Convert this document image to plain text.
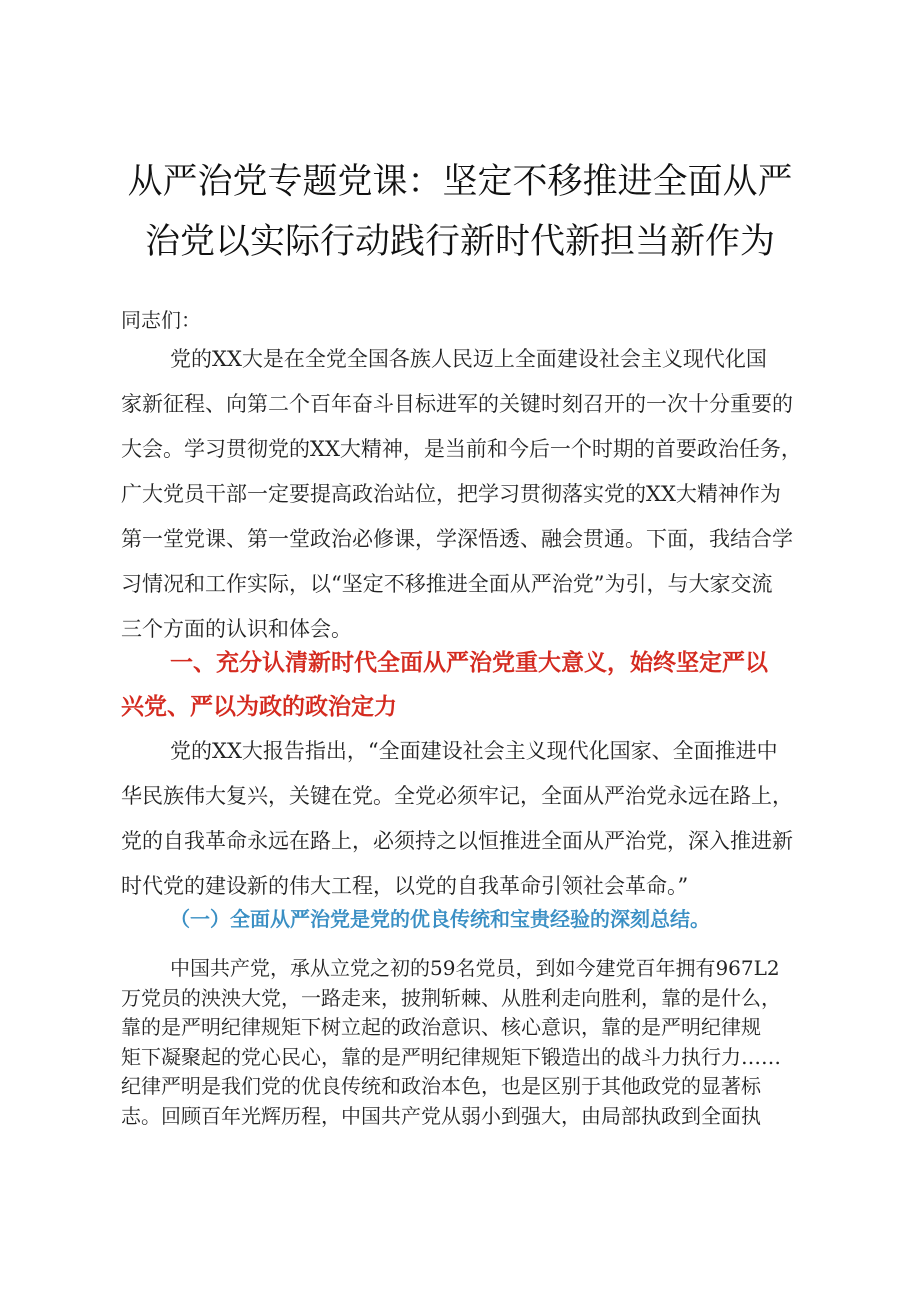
从严治党专题党课：坚定不移推进全面从严
治党以实际行动践行新时代新担当新作为

同志们：

党的XX大是在全党全国各族人民迈上全面建设社会主义现代化国
家新征程、向第二个百年奋斗目标进军的关键时刻召开的一次十分重要的
大会。学习贯彻党的XX大精神，是当前和今后一个时期的首要政治任务，
广大党员干部一定要提高政治站位，把学习贯彻落实党的XX大精神作为
第一堂党课、第一堂政治必修课，学深悟透、融会贯通。下面，我结合学
习情况和工作实际，以“坚定不移推进全面从严治党”为引，与大家交流
三个方面的认识和体会。
一、充分认清新时代全面从严治党重大意义，始终坚定严以
兴党、严以为政的政治定力
党的XX大报告指出，“全面建设社会主义现代化国家、全面推进中
华民族伟大复兴，关键在党。全党必须牢记，全面从严治党永远在路上，
党的自我革命永远在路上，必须持之以恒推进全面从严治党，深入推进新
时代党的建设新的伟大工程，以党的自我革命引领社会革命。”
（一）全面从严治党是党的优良传统和宝贵经验的深刻总结。
中国共产党，承从立党之初的59名党员，到如今建党百年拥有967L2
万党员的泱泱大党，一路走来，披荆斩棘、从胜利走向胜利，靠的是什么，
靠的是严明纪律规矩下树立起的政治意识、核心意识，靠的是严明纪律规
矩下凝聚起的党心民心，靠的是严明纪律规矩下锻造出的战斗力执行力……
纪律严明是我们党的优良传统和政治本色，也是区别于其他政党的显著标
志。回顾百年光辉历程，中国共产党从弱小到强大，由局部执政到全面执
